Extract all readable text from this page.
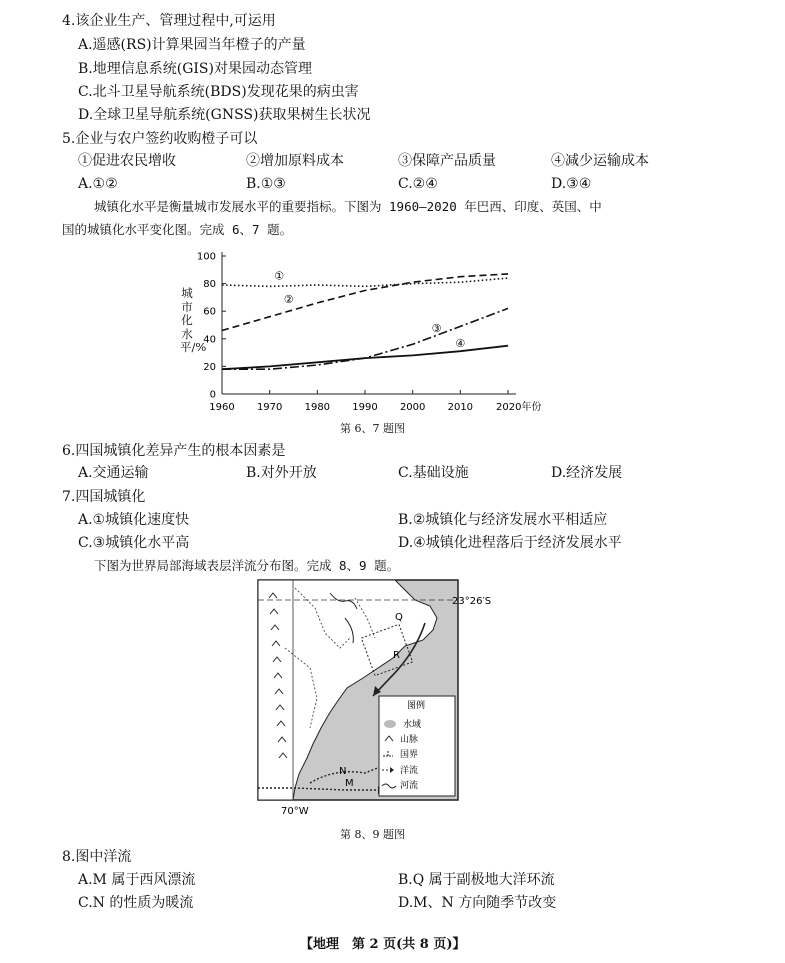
4.该企业生产、管理过程中,可运用
A.遥感(RS)计算果园当年橙子的产量
B.地理信息系统(GIS)对果园动态管理
C.北斗卫星导航系统(BDS)发现花果的病虫害
D.全球卫星导航系统(GNSS)获取果树生长状况
5.企业与农户签约收购橙子可以
①促进农民增收	②增加原料成本	③保障产品质量	④减少运输成本
A.①②	B.①③	C.②④	D.③④
城镇化水平是衡量城市发展水平的重要指标。下图为 1960—2020 年巴西、印度、英国、中
国的城镇化水平变化图。完成 6、7 题。
0
20
40
60
80
100
1960 1970 1980 1990 2000 2010 2020年份
①
②
③
④
城市化水平/%
第 6、7 题图
6.四国城镇化差异产生的根本因素是
A.交通运输	B.对外开放	C.基础设施	D.经济发展
7.四国城镇化
A.①城镇化速度快	B.②城镇化与经济发展水平相适应
C.③城镇化水平高	D.④城镇化进程落后于经济发展水平
下图为世界局部海域表层洋流分布图。完成 8、9 题。
Q
R
N
M
23°26′S
70°W
图例
水域
山脉
国界
洋流
河流
第 8、9 题图
8.图中洋流
A.M 属于西风漂流	B.Q 属于副极地大洋环流
C.N 的性质为暖流	D.M、N 方向随季节改变
【地理　第 2 页(共 8 页)】
